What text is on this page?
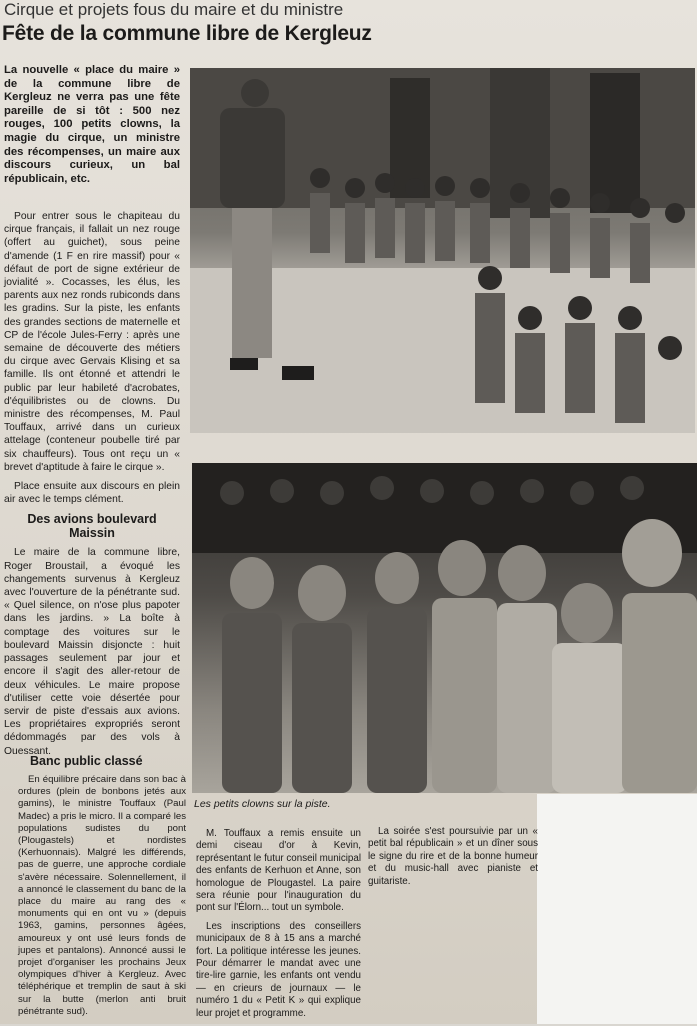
Cirque et projets fous du maire et du ministre
Fête de la commune libre de Kergleuz
La nouvelle « place du maire » de la commune libre de Kergleuz ne verra pas une fête pareille de si tôt : 500 nez rouges, 100 petits clowns, la magie du cirque, un ministre des récompenses, un maire aux discours curieux, un bal républicain, etc.

Pour entrer sous le chapiteau du cirque français, il fallait un nez rouge (offert au guichet), sous peine d'amende (1 F en rire massif) pour « défaut de port de signe extérieur de jovialité ». Cocasses, les élus, les parents aux nez ronds rubiconds dans les gradins. Sur la piste, les enfants des grandes sections de maternelle et CP de l'école Jules-Ferry : après une semaine de découverte des métiers du cirque avec Gervais Klising et sa famille. Ils ont étonné et attendri le public par leur habileté d'acrobates, d'équilibristes ou de clowns. Du ministre des récompenses, M. Paul Touffaux, arrivé dans un curieux attelage (conteneur poubelle tiré par six chauffeurs). Tous ont reçu un « brevet d'aptitude à faire le cirque ».

Place ensuite aux discours en plein air avec le temps clément.

Des avions boulevard Maissin

Le maire de la commune libre, Roger Broustail, a évoqué les changements survenus à Kergleuz avec l'ouverture de la pénétrante sud. « Quel silence, on n'ose plus papoter dans les jardins. » La boîte à comptage des voitures sur le boulevard Maissin disjoncte : huit passages seulement par jour et encore il s'agit des aller-retour de deux véhicules. Le maire propose d'utiliser cette voie désertée pour servir de piste d'essais aux avions. Les propriétaires expropriés seront dédommagés par des vols à Ouessant.

Banc public classé

En équilibre précaire dans son bac à ordures (plein de bonbons jetés aux gamins), le ministre Touffaux (Paul Madec) a pris le micro. Il a comparé les populations sudistes du pont (Plougastels) et nordistes (Kerhuonnais). Malgré les différends, pas de guerre, une approche cordiale s'avère nécessaire. Solennellement, il a annoncé le classement du banc de la place du maire au rang des « monuments qui en ont vu » (depuis 1963, gamins, personnes âgées, amoureux y ont usé leurs fonds de jupes et pantalons). Annoncé aussi le projet d'organiser les prochains Jeux olympiques d'hiver à Kergleuz. Avec téléphérique et tremplin de saut à ski sur la butte (merlon anti bruit pénétrante sud).

Les petits clowns sur la piste.

M. Touffaux a remis ensuite un demi ciseau d'or à Kevin, représentant le futur conseil municipal des enfants de Kerhuon et Anne, son homologue de Plougastel. La paire sera réunie pour l'inauguration du pont sur l'Élorn... tout un symbole.

Les inscriptions des conseillers municipaux de 8 à 15 ans a marché fort. La politique intéresse les jeunes. Pour démarrer le mandat avec une tire-lire garnie, les enfants ont vendu — en crieurs de journaux — le numéro 1 du « Petit K » qui explique leur projet et programme.

La soirée s'est poursuivie par un « petit bal républicain » et un dîner sous le signe du rire et de la bonne humeur et du music-hall avec pianiste et guitariste.
